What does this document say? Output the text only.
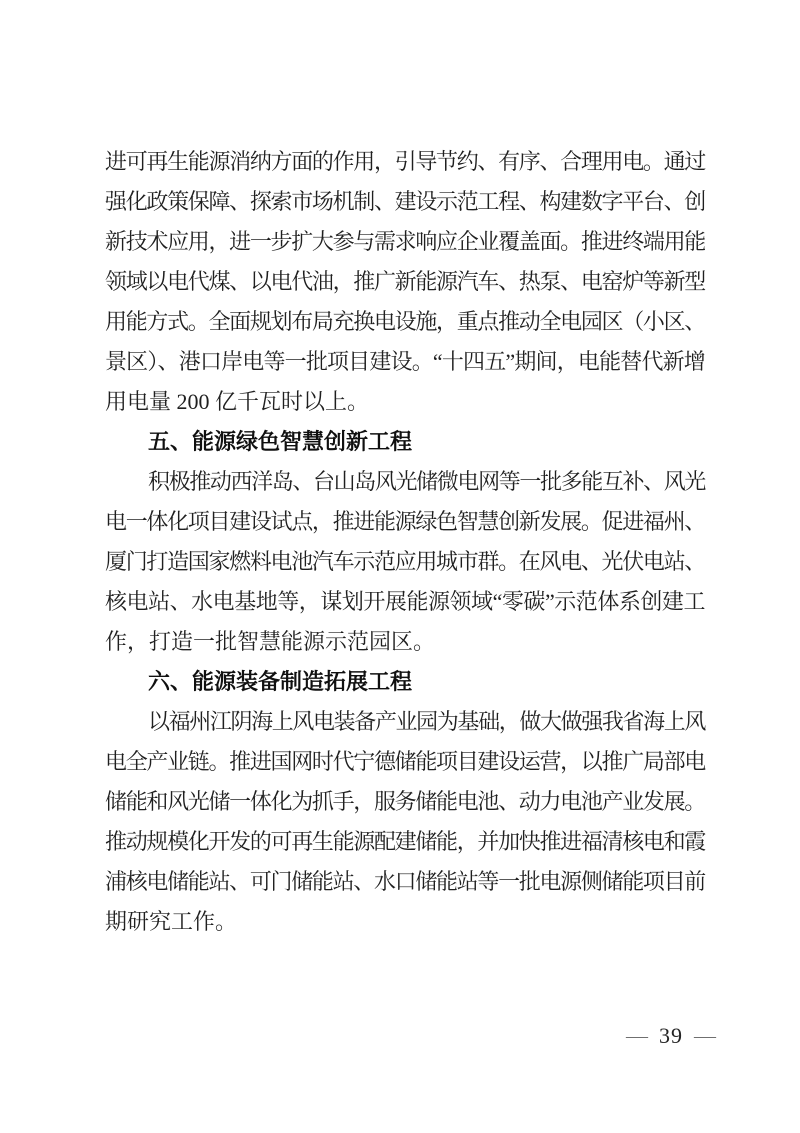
进可再生能源消纳方面的作用，引导节约、有序、合理用电。通过
强化政策保障、探索市场机制、建设示范工程、构建数字平台、创
新技术应用，进一步扩大参与需求响应企业覆盖面。推进终端用能
领域以电代煤、以电代油，推广新能源汽车、热泵、电窑炉等新型
用能方式。全面规划布局充换电设施，重点推动全电园区（小区、
景区）、港口岸电等一批项目建设。“十四五”期间，电能替代新增
用电量 200 亿千瓦时以上。
五、能源绿色智慧创新工程
积极推动西洋岛、台山岛风光储微电网等一批多能互补、风光
电一体化项目建设试点，推进能源绿色智慧创新发展。促进福州、
厦门打造国家燃料电池汽车示范应用城市群。在风电、光伏电站、
核电站、水电基地等，谋划开展能源领域“零碳”示范体系创建工
作，打造一批智慧能源示范园区。
六、能源装备制造拓展工程
以福州江阴海上风电装备产业园为基础，做大做强我省海上风
电全产业链。推进国网时代宁德储能项目建设运营，以推广局部电
储能和风光储一体化为抓手，服务储能电池、动力电池产业发展。
推动规模化开发的可再生能源配建储能，并加快推进福清核电和霞
浦核电储能站、可门储能站、水口储能站等一批电源侧储能项目前
期研究工作。
— 39 —
